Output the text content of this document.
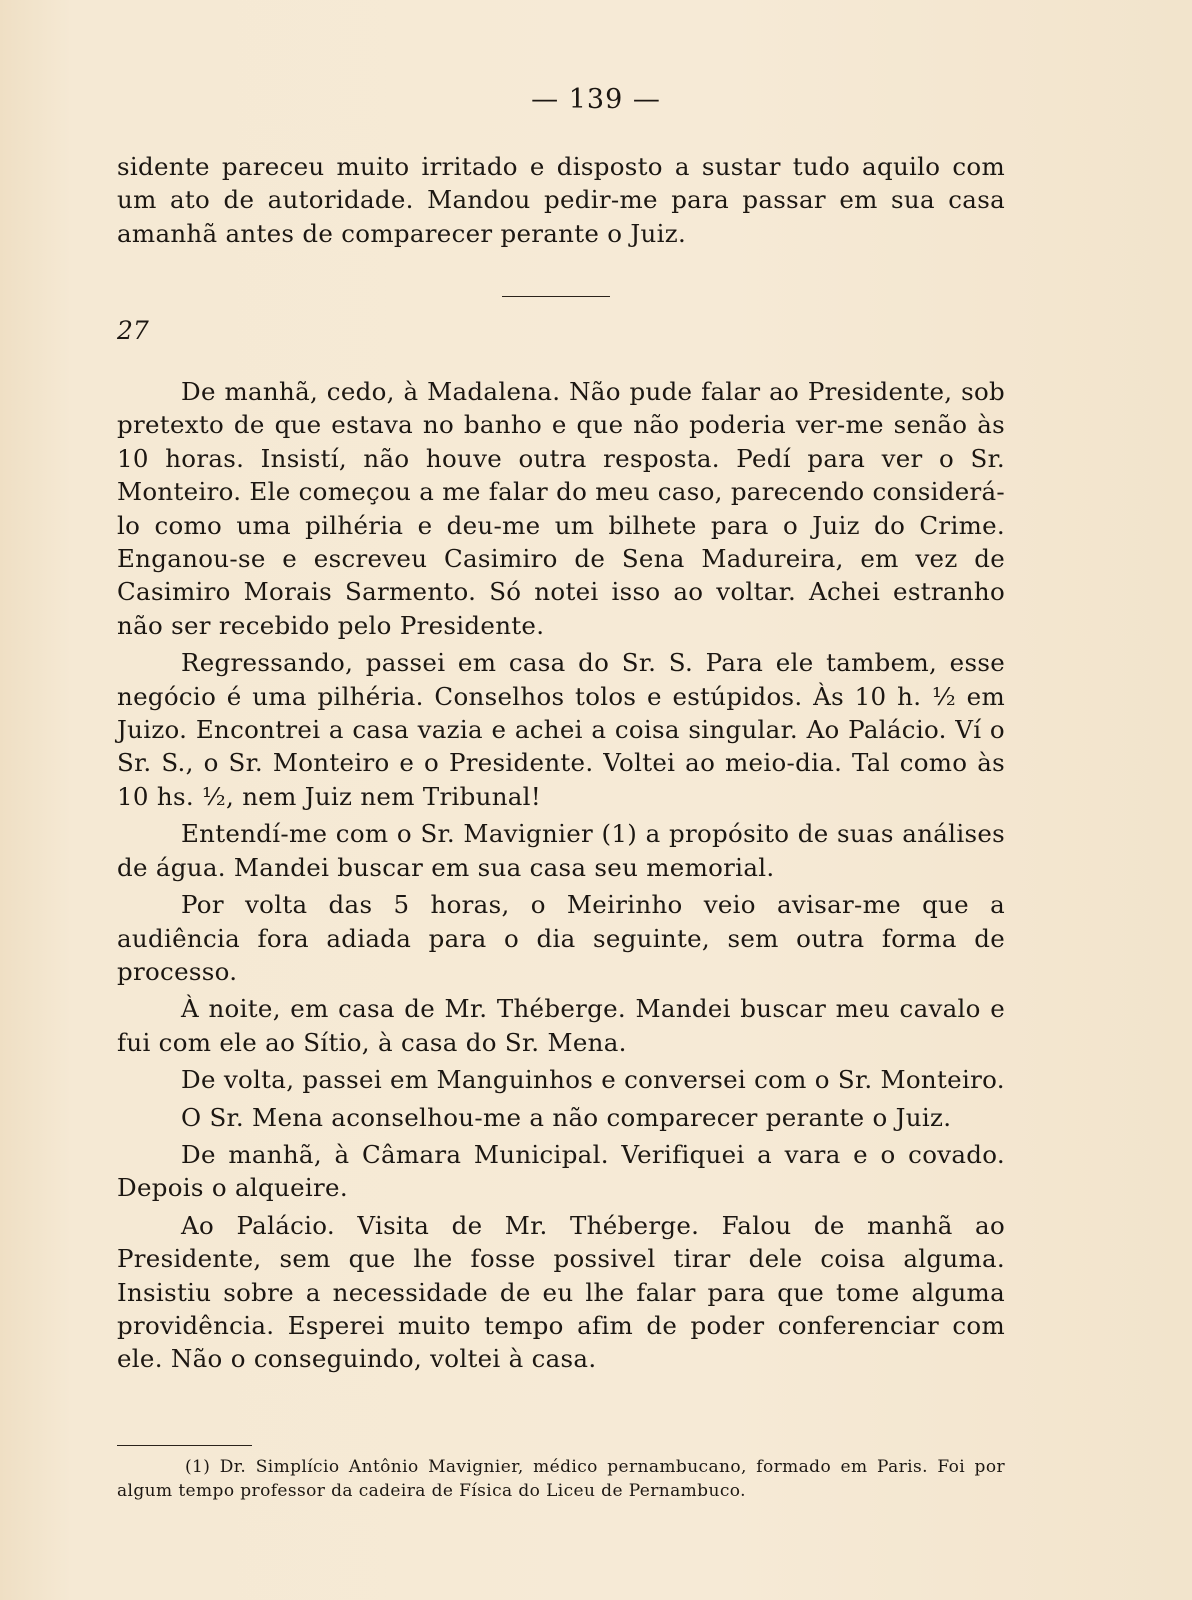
— 139 —

sidente pareceu muito irritado e disposto a sustar tudo aquilo com um ato de autoridade. Mandou pedir-me para passar em sua casa amanhã antes de comparecer perante o Juiz.

27

De manhã, cedo, à Madalena. Não pude falar ao Presidente, sob pretexto de que estava no banho e que não poderia ver-me senão às 10 horas. Insistí, não houve outra resposta. Pedí para ver o Sr. Monteiro. Ele começou a me falar do meu caso, parecendo considerá-lo como uma pilhéria e deu-me um bilhete para o Juiz do Crime. Enganou-se e escreveu Casimiro de Sena Madureira, em vez de Casimiro Morais Sarmento. Só notei isso ao voltar. Achei estranho não ser recebido pelo Presidente.

Regressando, passei em casa do Sr. S. Para ele tambem, esse negócio é uma pilhéria. Conselhos tolos e estúpidos. Às 10 h. ½ em Juizo. Encontrei a casa vazia e achei a coisa singular. Ao Palácio. Ví o Sr. S., o Sr. Monteiro e o Presidente. Voltei ao meio-dia. Tal como às 10 hs. ½, nem Juiz nem Tribunal!

Entendí-me com o Sr. Mavignier (1) a propósito de suas análises de água. Mandei buscar em sua casa seu memorial.

Por volta das 5 horas, o Meirinho veio avisar-me que a audiência fora adiada para o dia seguinte, sem outra forma de processo.

À noite, em casa de Mr. Théberge. Mandei buscar meu cavalo e fui com ele ao Sítio, à casa do Sr. Mena.

De volta, passei em Manguinhos e conversei com o Sr. Monteiro.

O Sr. Mena aconselhou-me a não comparecer perante o Juiz.

De manhã, à Câmara Municipal. Verifiquei a vara e o covado. Depois o alqueire.

Ao Palácio. Visita de Mr. Théberge. Falou de manhã ao Presidente, sem que lhe fosse possivel tirar dele coisa alguma. Insistiu sobre a necessidade de eu lhe falar para que tome alguma providência. Esperei muito tempo afim de poder conferenciar com ele. Não o conseguindo, voltei à casa.

(1) Dr. Simplício Antônio Mavignier, médico pernambucano, formado em Paris. Foi por algum tempo professor da cadeira de Física do Liceu de Pernambuco.
